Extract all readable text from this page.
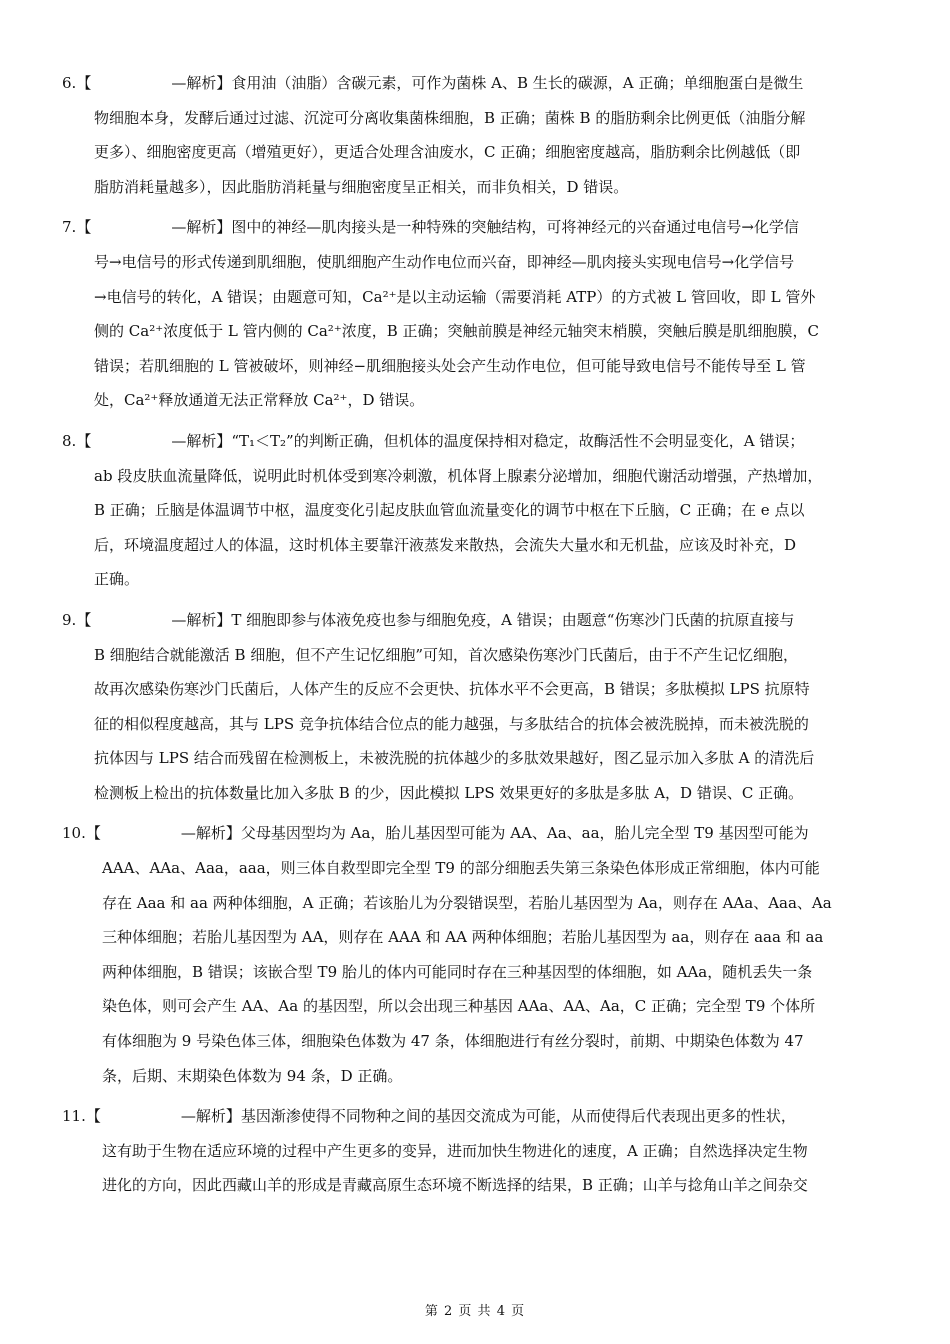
6.【	—解析】食用油（油脂）含碳元素，可作为菌株 A、B 生长的碳源，A 正确；单细胞蛋白是微生
物细胞本身，发酵后通过过滤、沉淀可分离收集菌株细胞，B 正确；菌株 B 的脂肪剩余比例更低（油脂分解
更多）、细胞密度更高（增殖更好），更适合处理含油废水，C 正确；细胞密度越高，脂肪剩余比例越低（即
脂肪消耗量越多），因此脂肪消耗量与细胞密度呈正相关，而非负相关，D 错误。
7.【	—解析】图中的神经—肌肉接头是一种特殊的突触结构，可将神经元的兴奋通过电信号→化学信
号→电信号的形式传递到肌细胞，使肌细胞产生动作电位而兴奋，即神经—肌肉接头实现电信号→化学信号
→电信号的转化，A 错误；由题意可知，Ca²⁺是以主动运输（需要消耗 ATP）的方式被 L 管回收，即 L 管外
侧的 Ca²⁺浓度低于 L 管内侧的 Ca²⁺浓度，B 正确；突触前膜是神经元轴突末梢膜，突触后膜是肌细胞膜，C
错误；若肌细胞的 L 管被破坏，则神经−肌细胞接头处会产生动作电位，但可能导致电信号不能传导至 L 管
处，Ca²⁺释放通道无法正常释放 Ca²⁺，D 错误。
8.【	—解析】“T₁＜T₂”的判断正确，但机体的温度保持相对稳定，故酶活性不会明显变化，A 错误；
ab 段皮肤血流量降低，说明此时机体受到寒冷刺激，机体肾上腺素分泌增加，细胞代谢活动增强，产热增加，
B 正确；丘脑是体温调节中枢，温度变化引起皮肤血管血流量变化的调节中枢在下丘脑，C 正确；在 e 点以
后，环境温度超过人的体温，这时机体主要靠汗液蒸发来散热，会流失大量水和无机盐，应该及时补充，D
正确。
9.【	—解析】T 细胞即参与体液免疫也参与细胞免疫，A 错误；由题意“伤寒沙门氏菌的抗原直接与
B 细胞结合就能激活 B 细胞，但不产生记忆细胞”可知，首次感染伤寒沙门氏菌后，由于不产生记忆细胞，
故再次感染伤寒沙门氏菌后，人体产生的反应不会更快、抗体水平不会更高，B 错误；多肽模拟 LPS 抗原特
征的相似程度越高，其与 LPS 竞争抗体结合位点的能力越强，与多肽结合的抗体会被洗脱掉，而未被洗脱的
抗体因与 LPS 结合而残留在检测板上，未被洗脱的抗体越少的多肽效果越好，图乙显示加入多肽 A 的清洗后
检测板上检出的抗体数量比加入多肽 B 的少，因此模拟 LPS 效果更好的多肽是多肽 A，D 错误、C 正确。
10.【	—解析】父母基因型均为 Aa，胎儿基因型可能为 AA、Aa、aa，胎儿完全型 T9 基因型可能为
AAA、AAa、Aaa，aaa，则三体自救型即完全型 T9 的部分细胞丢失第三条染色体形成正常细胞，体内可能
存在 Aaa 和 aa 两种体细胞，A 正确；若该胎儿为分裂错误型，若胎儿基因型为 Aa，则存在 AAa、Aaa、Aa
三种体细胞；若胎儿基因型为 AA，则存在 AAA 和 AA 两种体细胞；若胎儿基因型为 aa，则存在 aaa 和 aa
两种体细胞，B 错误；该嵌合型 T9 胎儿的体内可能同时存在三种基因型的体细胞，如 AAa，随机丢失一条
染色体，则可会产生 AA、Aa 的基因型，所以会出现三种基因 AAa、AA、Aa，C 正确；完全型 T9 个体所
有体细胞为 9 号染色体三体，细胞染色体数为 47 条，体细胞进行有丝分裂时，前期、中期染色体数为 47
条，后期、末期染色体数为 94 条，D 正确。
11.【	—解析】基因渐渗使得不同物种之间的基因交流成为可能，从而使得后代表现出更多的性状，
这有助于生物在适应环境的过程中产生更多的变异，进而加快生物进化的速度，A 正确；自然选择决定生物
进化的方向，因此西藏山羊的形成是青藏高原生态环境不断选择的结果，B 正确；山羊与捻角山羊之间杂交
第 2 页 共 4 页
